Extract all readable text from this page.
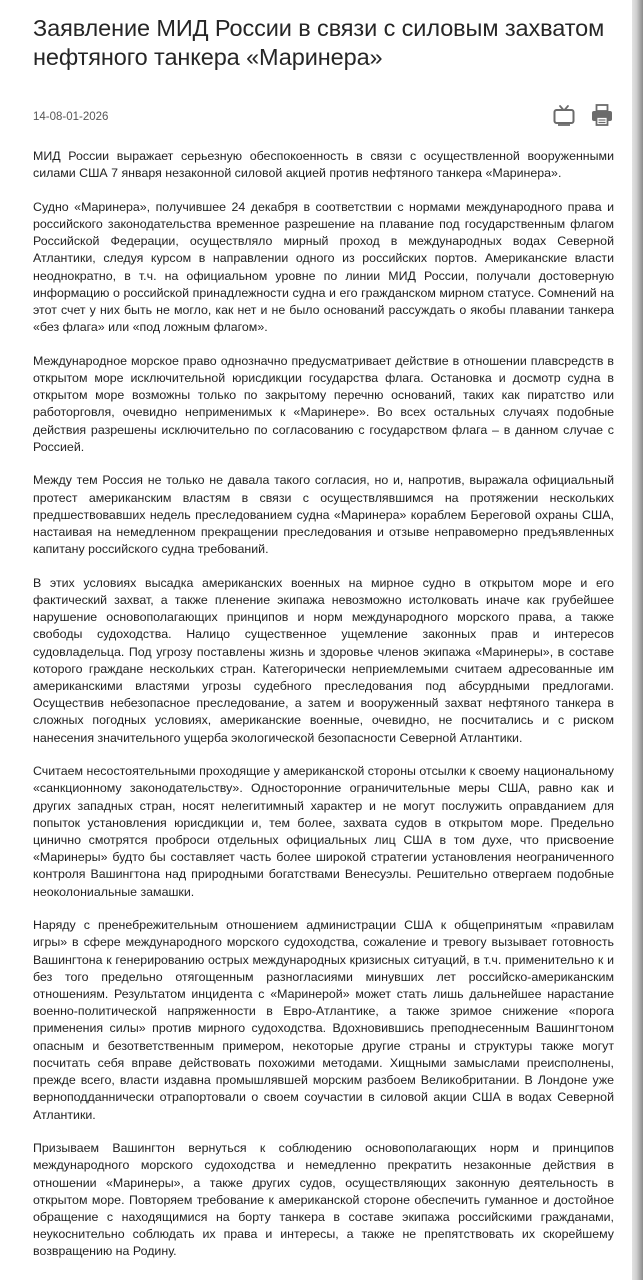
Заявление МИД России в связи с силовым захватом нефтяного танкера «Маринера»
14-08-01-2026

МИД России выражает серьезную обеспокоенность в связи с осуществленной вооруженными силами США 7 января незаконной силовой акцией против нефтяного танкера «Маринера».

Судно «Маринера», получившее 24 декабря в соответствии с нормами международного права и российского законодательства временное разрешение на плавание под государственным флагом Российской Федерации, осуществляло мирный проход в международных водах Северной Атлантики, следуя курсом в направлении одного из российских портов. Американские власти неоднократно, в т.ч. на официальном уровне по линии МИД России, получали достоверную информацию о российской принадлежности судна и его гражданском мирном статусе. Сомнений на этот счет у них быть не могло, как нет и не было оснований рассуждать о якобы плавании танкера «без флага» или «под ложным флагом».

Международное морское право однозначно предусматривает действие в отношении плавсредств в открытом море исключительной юрисдикции государства флага. Остановка и досмотр судна в открытом море возможны только по закрытому перечню оснований, таких как пиратство или работорговля, очевидно неприменимых к «Маринере». Во всех остальных случаях подобные действия разрешены исключительно по согласованию с государством флага – в данном случае с Россией.

Между тем Россия не только не давала такого согласия, но и, напротив, выражала официальный протест американским властям в связи с осуществлявшимся на протяжении нескольких предшествовавших недель преследованием судна «Маринера» кораблем Береговой охраны США, настаивая на немедленном прекращении преследования и отзыве неправомерно предъявленных капитану российского судна требований.

В этих условиях высадка американских военных на мирное судно в открытом море и его фактический захват, а также пленение экипажа невозможно истолковать иначе как грубейшее нарушение основополагающих принципов и норм международного морского права, а также свободы судоходства. Налицо существенное ущемление законных прав и интересов судовладельца. Под угрозу поставлены жизнь и здоровье членов экипажа «Маринеры», в составе которого граждане нескольких стран. Категорически неприемлемыми считаем адресованные им американскими властями угрозы судебного преследования под абсурдными предлогами. Осуществив небезопасное преследование, а затем и вооруженный захват нефтяного танкера в сложных погодных условиях, американские военные, очевидно, не посчитались и с риском нанесения значительного ущерба экологической безопасности Северной Атлантики.

Считаем несостоятельными проходящие у американской стороны отсылки к своему национальному «санкционному законодательству». Односторонние ограничительные меры США, равно как и других западных стран, носят нелегитимный характер и не могут послужить оправданием для попыток установления юрисдикции и, тем более, захвата судов в открытом море. Предельно цинично смотрятся проброси отдельных официальных лиц США в том духе, что присвоение «Маринеры» будто бы составляет часть более широкой стратегии установления неограниченного контроля Вашингтона над природными богатствами Венесуэлы. Решительно отвергаем подобные неоколониальные замашки.

Наряду с пренебрежительным отношением администрации США к общепринятым «правилам игры» в сфере международного морского судоходства, сожаление и тревогу вызывает готовность Вашингтона к генерированию острых международных кризисных ситуаций, в т.ч. применительно к и без того предельно отягощенным разногласиями минувших лет российско-американским отношениям. Результатом инцидента с «Маринерой» может стать лишь дальнейшее нарастание военно-политической напряженности в Евро-Атлантике, а также зримое снижение «порога применения силы» против мирного судоходства. Вдохновившись преподнесенным Вашингтоном опасным и безответственным примером, некоторые другие страны и структуры также могут посчитать себя вправе действовать похожими методами. Хищными замыслами преисполнены, прежде всего, власти издавна промышлявшей морским разбоем Великобритании. В Лондоне уже верноподданнически отрапортовали о своем соучастии в силовой акции США в водах Северной Атлантики.

Призываем Вашингтон вернуться к соблюдению основополагающих норм и принципов международного морского судоходства и немедленно прекратить незаконные действия в отношении «Маринеры», а также других судов, осуществляющих законную деятельность в открытом море. Повторяем требование к американской стороне обеспечить гуманное и достойное обращение с находящимися на борту танкера в составе экипажа российскими гражданами, неукоснительно соблюдать их права и интересы, а также не препятствовать их скорейшему возвращению на Родину.
